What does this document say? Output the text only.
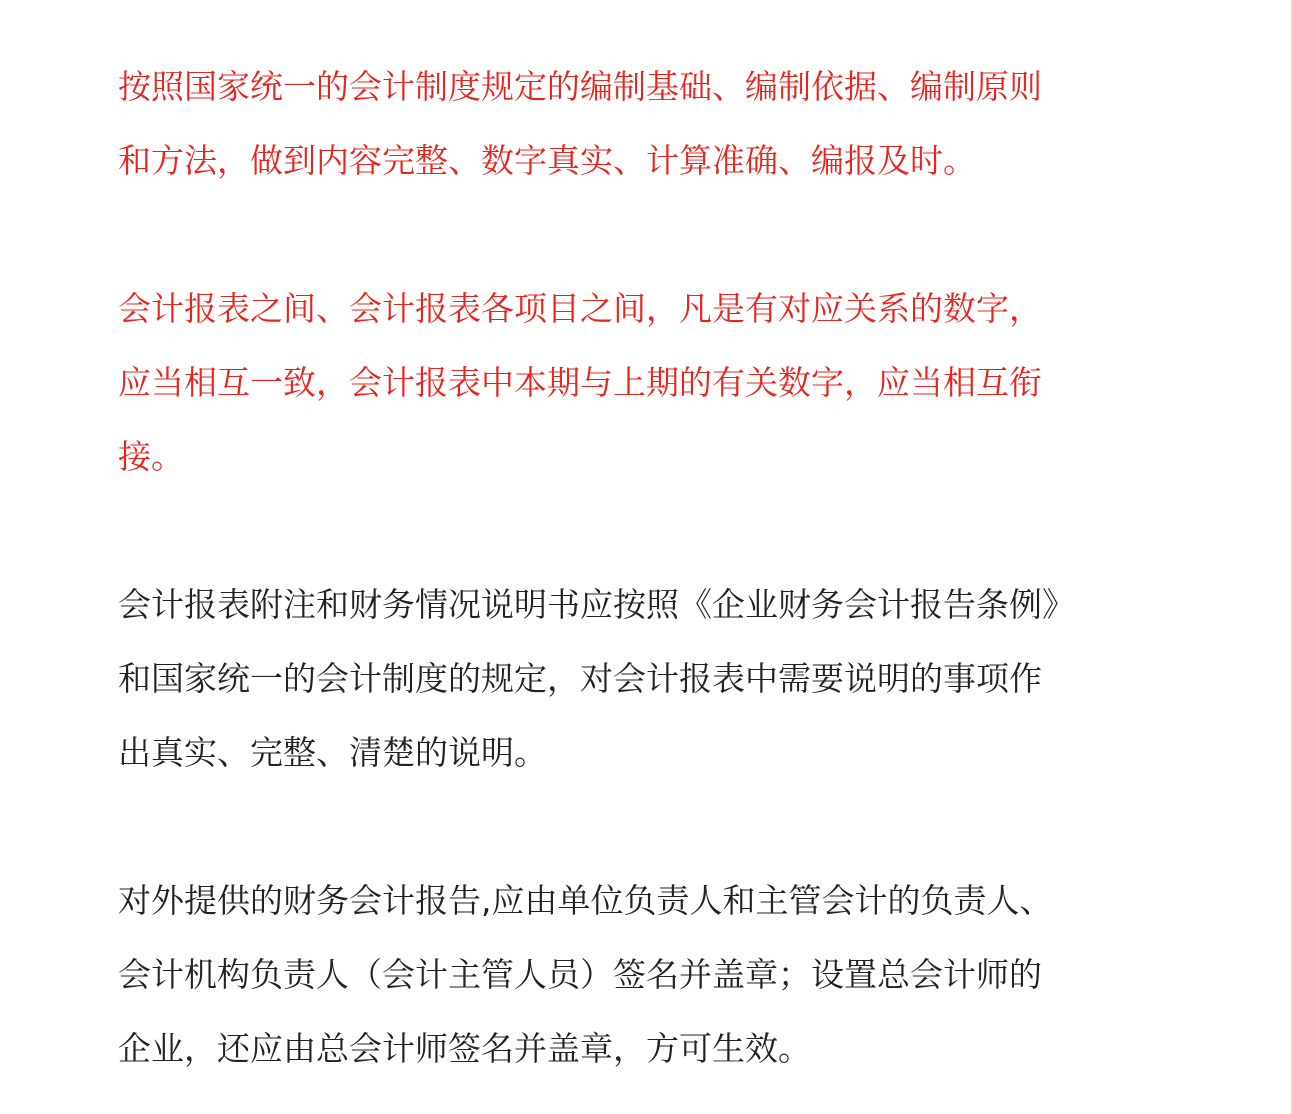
按照国家统一的会计制度规定的编制基础、编制依据、编制原则
和方法，做到内容完整、数字真实、计算准确、编报及时。

会计报表之间、会计报表各项目之间，凡是有对应关系的数字，
应当相互一致，会计报表中本期与上期的有关数字，应当相互衔
接。

会计报表附注和财务情况说明书应按照《企业财务会计报告条例》
和国家统一的会计制度的规定，对会计报表中需要说明的事项作
出真实、完整、清楚的说明。

对外提供的财务会计报告,应由单位负责人和主管会计的负责人、
会计机构负责人（会计主管人员）签名并盖章；设置总会计师的
企业，还应由总会计师签名并盖章，方可生效。
